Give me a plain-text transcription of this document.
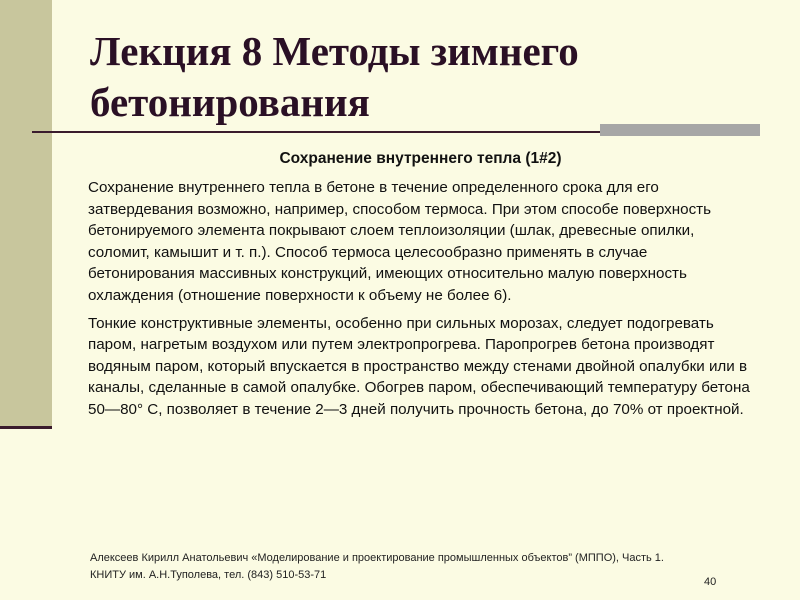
Лекция 8 Методы зимнего
бетонирования
Сохранение внутреннего тепла (1#2)

Сохранение внутреннего тепла в бетоне в течение определенного срока для его затвердевания возможно, например, способом термоса. При этом способе поверхность бетонируемого элемента покрывают слоем теплоизоляции (шлак, древесные опилки, соломит, камышит и т. п.). Способ термоса целесообразно применять в случае бетонирования массивных конструкций, имеющих относительно малую поверхность охлаждения (отношение поверхности к объему не более 6).

Тонкие конструктивные элементы, особенно при сильных морозах, следует подогревать паром, нагретым воздухом или путем электропрогрева. Паропрогрев бетона производят водяным паром, который впускается в пространство между стенами двойной опалубки или в каналы, сделанные в самой опалубке. Обогрев паром, обеспечивающий температуру бетона 50—80° С, позволяет в течение 2—3 дней получить прочность бетона, до 70% от проектной.

Алексеев Кирилл Анатольевич «Моделирование и проектирование промышленных объектов” (МППО), Часть 1.
КНИТУ им. А.Н.Туполева, тел. (843) 510-53-71
40
